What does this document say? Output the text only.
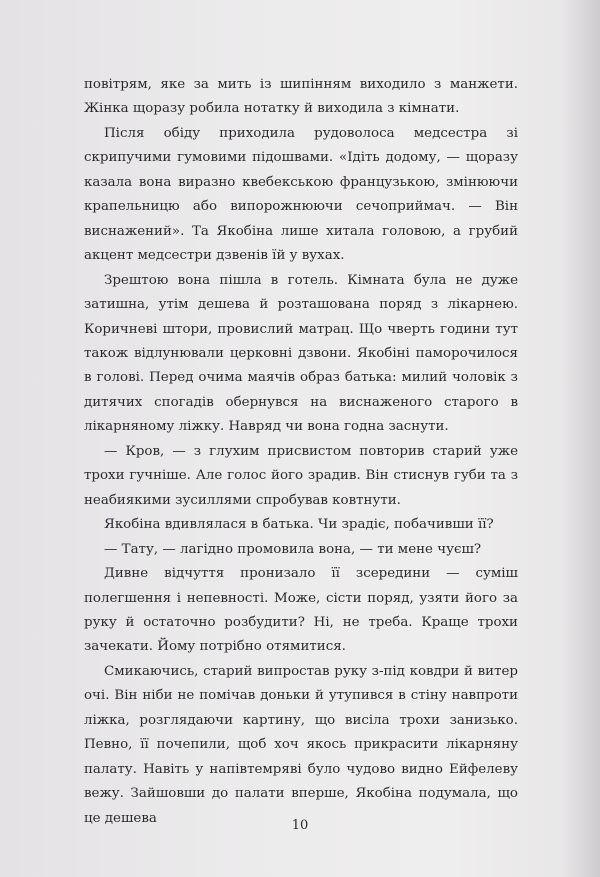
повітрям, яке за мить із шипінням виходило з манжети. Жінка щоразу робила нотатку й виходила з кімнати.

Після обіду приходила рудоволоса медсестра зі скрипучими гумовими підошвами. «Ідіть додому, — щоразу казала вона виразно квебекською французькою, змінюючи крапельницю або випорожнюючи сечоприймач. — Він виснажений». Та Якобіна лише хитала головою, а грубий акцент медсестри дзвенів їй у вухах.

Зрештою вона пішла в готель. Кімната була не дуже затишна, утім дешева й розташована поряд з лікарнею. Коричневі штори, провислий матрац. Що чверть години тут також відлунювали церковні дзвони. Якобіні паморочилося в голові. Перед очима маячів образ батька: милий чоловік з дитячих спогадів обернувся на виснаженого старого в лікарняному ліжку. Навряд чи вона годна заснути.

— Кров, — з глухим присвистом повторив старий уже трохи гучніше. Але голос його зрадив. Він стиснув губи та з неабиякими зусиллями спробував ковтнути.

Якобіна вдивлялася в батька. Чи зрадіє, побачивши її?

— Тату, — лагідно промовила вона, — ти мене чуєш?

Дивне відчуття пронизало її зсередини — суміш полегшення і непевності. Може, сісти поряд, узяти його за руку й остаточно розбудити? Ні, не треба. Краще трохи зачекати. Йому потрібно отямитися.

Смикаючись, старий випростав руку з-під ковдри й витер очі. Він ніби не помічав доньки й утупився в стіну навпроти ліжка, розглядаючи картину, що висіла трохи занизько. Певно, її почепили, щоб хоч якось прикрасити лікарняну палату. Навіть у напівтемряві було чудово видно Ейфелеву вежу. Зайшовши до палати вперше, Якобіна подумала, що це дешева	10
